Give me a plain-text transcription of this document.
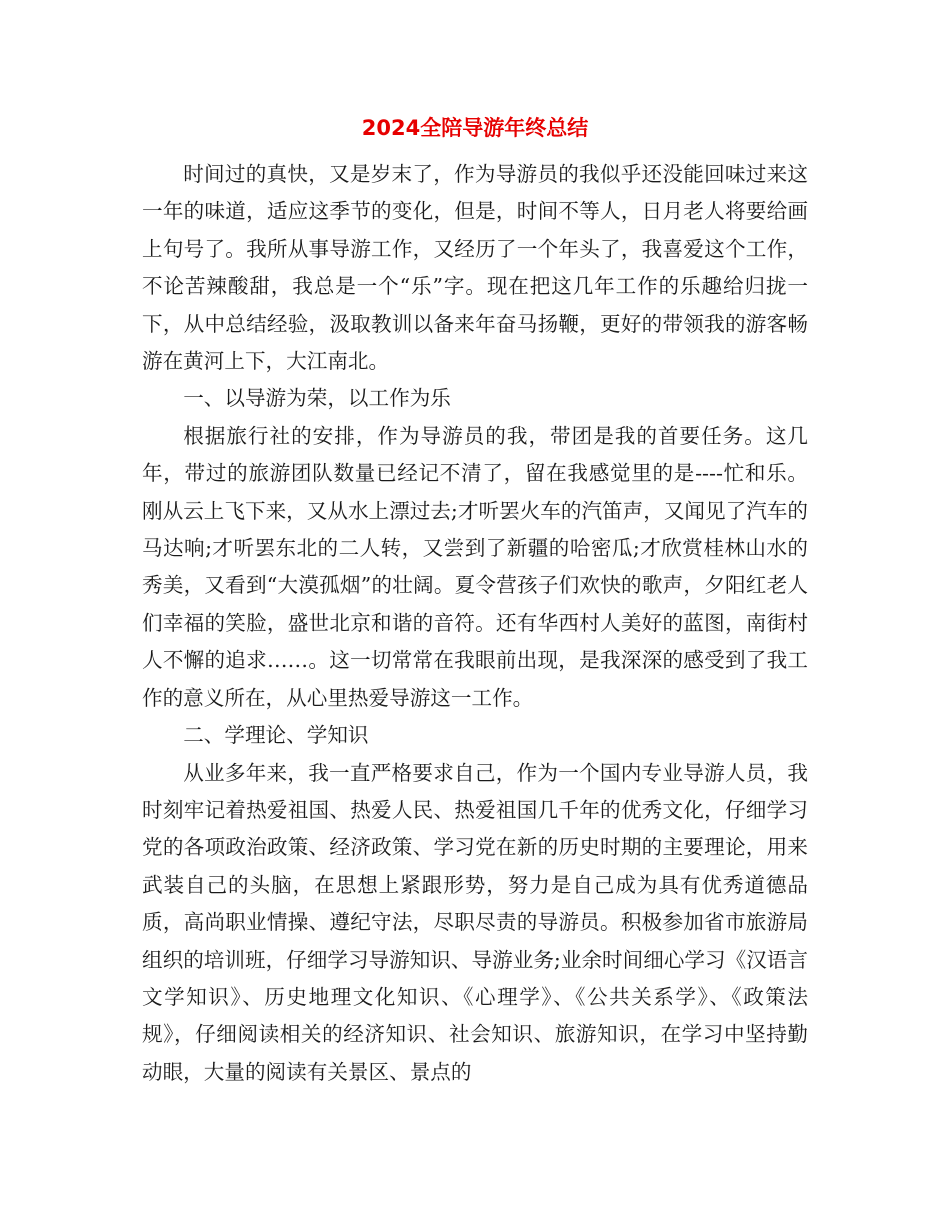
2024全陪导游年终总结

时间过的真快，又是岁末了，作为导游员的我似乎还没能回味过来这一年的味道，适应这季节的变化，但是，时间不等人，日月老人将要给画上句号了。我所从事导游工作，又经历了一个年头了，我喜爱这个工作，不论苦辣酸甜，我总是一个“乐”字。现在把这几年工作的乐趣给归拢一下，从中总结经验，汲取教训以备来年奋马扬鞭，更好的带领我的游客畅游在黄河上下，大江南北。

一、以导游为荣，以工作为乐

根据旅行社的安排，作为导游员的我，带团是我的首要任务。这几年，带过的旅游团队数量已经记不清了，留在我感觉里的是----忙和乐。刚从云上飞下来，又从水上漂过去;才听罢火车的汽笛声，又闻见了汽车的马达响;才听罢东北的二人转，又尝到了新疆的哈密瓜;才欣赏桂林山水的秀美，又看到“大漠孤烟”的壮阔。夏令营孩子们欢快的歌声，夕阳红老人们幸福的笑脸，盛世北京和谐的音符。还有华西村人美好的蓝图，南街村人不懈的追求……。这一切常常在我眼前出现，是我深深的感受到了我工作的意义所在，从心里热爱导游这一工作。

二、学理论、学知识

从业多年来，我一直严格要求自己，作为一个国内专业导游人员，我时刻牢记着热爱祖国、热爱人民、热爱祖国几千年的优秀文化，仔细学习党的各项政治政策、经济政策、学习党在新的历史时期的主要理论，用来武装自己的头脑，在思想上紧跟形势，努力是自己成为具有优秀道德品质，高尚职业情操、遵纪守法，尽职尽责的导游员。积极参加省市旅游局组织的培训班，仔细学习导游知识、导游业务;业余时间细心学习《汉语言文学知识》、历史地理文化知识、《心理学》、《公共关系学》、《政策法规》，仔细阅读相关的经济知识、社会知识、旅游知识，在学习中坚持勤动眼，大量的阅读有关景区、景点的
